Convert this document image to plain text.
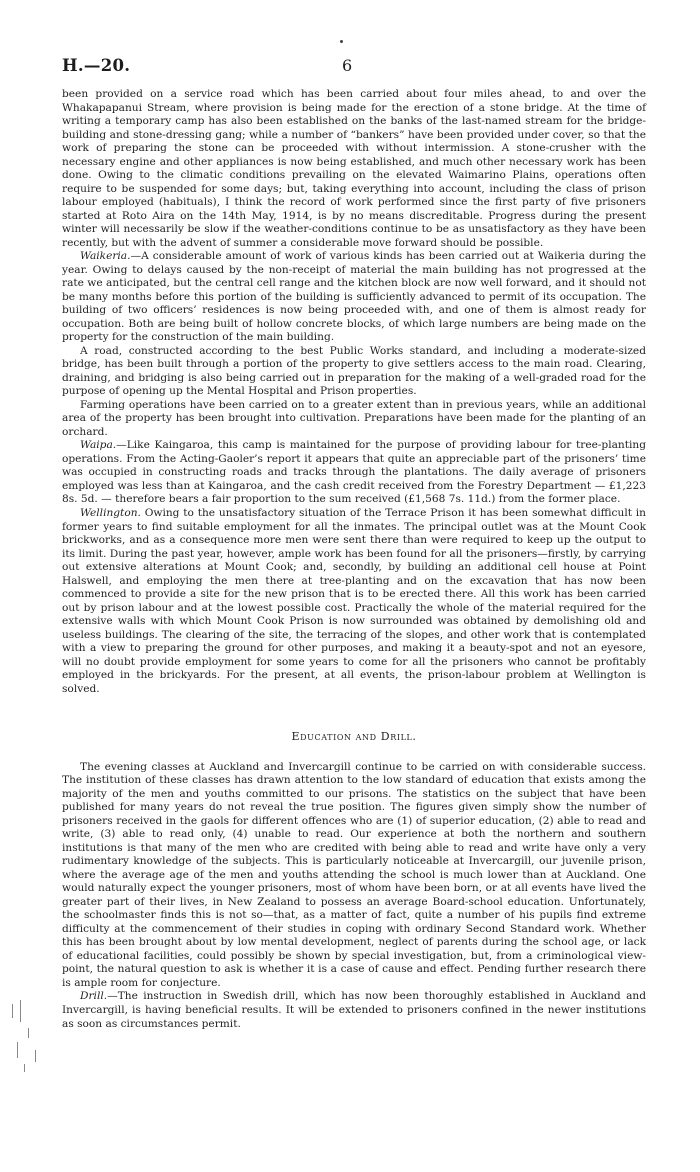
H.—20.	6

been provided on a service road which has been carried about four miles ahead, to and over the Whakapapanui Stream, where provision is being made for the erection of a stone bridge. At the time of writing a temporary camp has also been established on the banks of the last-named stream for the bridge-building and stone-dressing gang; while a number of “bankers” have been provided under cover, so that the work of preparing the stone can be proceeded with without intermission. A stone-crusher with the necessary engine and other appliances is now being established, and much other necessary work has been done. Owing to the climatic conditions prevailing on the elevated Waimarino Plains, operations often require to be suspended for some days; but, taking everything into account, including the class of prison labour employed (habituals), I think the record of work performed since the first party of five prisoners started at Roto Aira on the 14th May, 1914, is by no means discreditable. Progress during the present winter will necessarily be slow if the weather-conditions continue to be as unsatisfactory as they have been recently, but with the advent of summer a considerable move forward should be possible.

Waikeria.—A considerable amount of work of various kinds has been carried out at Waikeria during the year. Owing to delays caused by the non-receipt of material the main building has not progressed at the rate we anticipated, but the central cell range and the kitchen block are now well forward, and it should not be many months before this portion of the building is sufficiently advanced to permit of its occupation. The building of two officers’ residences is now being proceeded with, and one of them is almost ready for occupation. Both are being built of hollow concrete blocks, of which large numbers are being made on the property for the construction of the main building.

A road, constructed according to the best Public Works standard, and including a moderate-sized bridge, has been built through a portion of the property to give settlers access to the main road. Clearing, draining, and bridging is also being carried out in preparation for the making of a well-graded road for the purpose of opening up the Mental Hospital and Prison properties.

Farming operations have been carried on to a greater extent than in previous years, while an additional area of the property has been brought into cultivation. Preparations have been made for the planting of an orchard.

Waipa.—Like Kaingaroa, this camp is maintained for the purpose of providing labour for tree-planting operations. From the Acting-Gaoler’s report it appears that quite an appreciable part of the prisoners’ time was occupied in constructing roads and tracks through the plantations. The daily average of prisoners employed was less than at Kaingaroa, and the cash credit received from the Forestry Department — £1,223 8s. 5d. — therefore bears a fair proportion to the sum received (£1,568 7s. 11d.) from the former place.

Wellington. Owing to the unsatisfactory situation of the Terrace Prison it has been somewhat difficult in former years to find suitable employment for all the inmates. The principal outlet was at the Mount Cook brickworks, and as a consequence more men were sent there than were required to keep up the output to its limit. During the past year, however, ample work has been found for all the prisoners—firstly, by carrying out extensive alterations at Mount Cook; and, secondly, by building an additional cell house at Point Halswell, and employing the men there at tree-planting and on the excavation that has now been commenced to provide a site for the new prison that is to be erected there. All this work has been carried out by prison labour and at the lowest possible cost. Practically the whole of the material required for the extensive walls with which Mount Cook Prison is now surrounded was obtained by demolishing old and useless buildings. The clearing of the site, the terracing of the slopes, and other work that is contemplated with a view to preparing the ground for other purposes, and making it a beauty-spot and not an eyesore, will no doubt provide employment for some years to come for all the prisoners who cannot be profitably employed in the brickyards. For the present, at all events, the prison-labour problem at Wellington is solved.

Education and Drill.

The evening classes at Auckland and Invercargill continue to be carried on with considerable success. The institution of these classes has drawn attention to the low standard of education that exists among the majority of the men and youths committed to our prisons. The statistics on the subject that have been published for many years do not reveal the true position. The figures given simply show the number of prisoners received in the gaols for different offences who are (1) of superior education, (2) able to read and write, (3) able to read only, (4) unable to read. Our experience at both the northern and southern institutions is that many of the men who are credited with being able to read and write have only a very rudimentary knowledge of the subjects. This is particularly noticeable at Invercargill, our juvenile prison, where the average age of the men and youths attending the school is much lower than at Auckland. One would naturally expect the younger prisoners, most of whom have been born, or at all events have lived the greater part of their lives, in New Zealand to possess an average Board-school education. Unfortunately, the schoolmaster finds this is not so—that, as a matter of fact, quite a number of his pupils find extreme difficulty at the commencement of their studies in coping with ordinary Second Standard work. Whether this has been brought about by low mental development, neglect of parents during the school age, or lack of educational facilities, could possibly be shown by special investigation, but, from a criminological view-point, the natural question to ask is whether it is a case of cause and effect. Pending further research there is ample room for conjecture.

Drill.—The instruction in Swedish drill, which has now been thoroughly established in Auckland and Invercargill, is having beneficial results. It will be extended to prisoners confined in the newer institutions as soon as circumstances permit.
